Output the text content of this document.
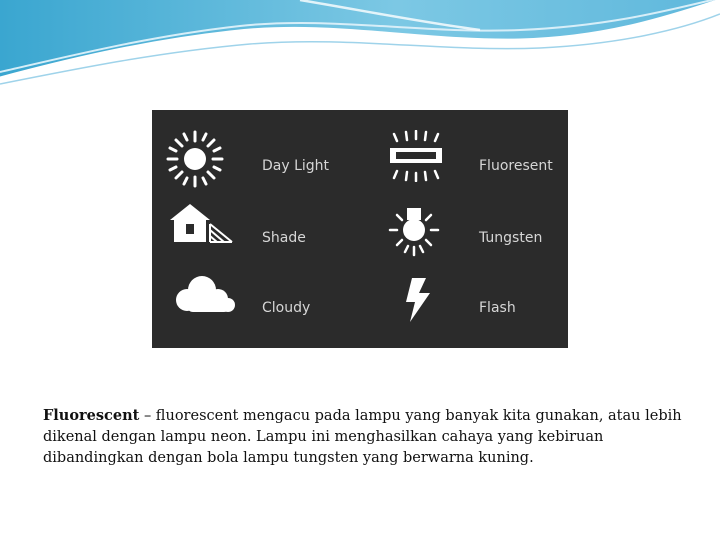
Day Light	Fluoresent
Shade	Tungsten
Cloudy	Flash

Fluorescent – fluorescent mengacu pada lampu yang banyak kita gunakan, atau lebih dikenal dengan lampu neon. Lampu ini menghasilkan cahaya yang kebiruan dibandingkan dengan bola lampu tungsten yang berwarna kuning.
